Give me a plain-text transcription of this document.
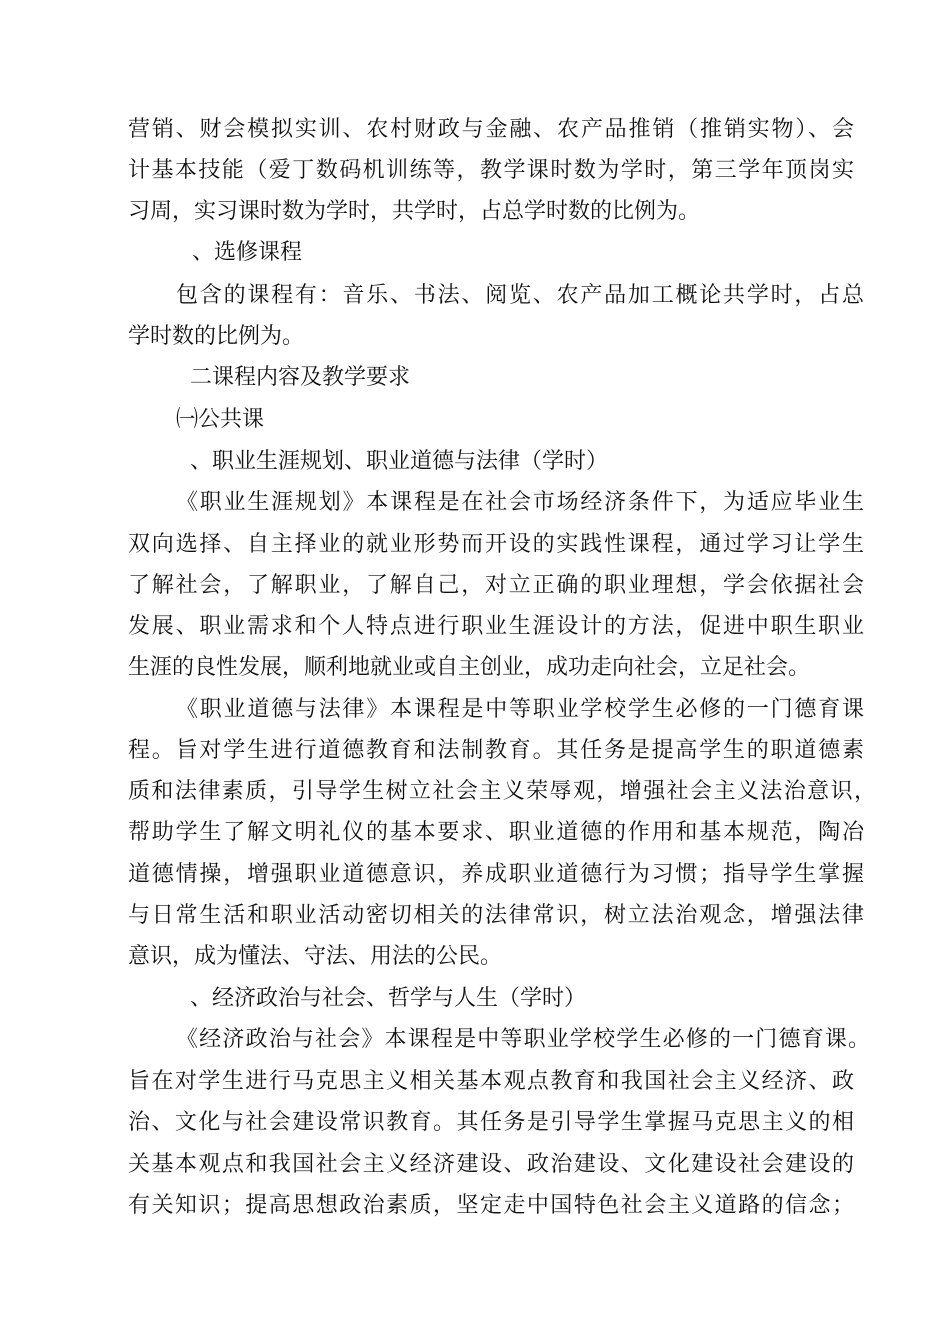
营销、财会模拟实训、农村财政与金融、农产品推销（推销实物）、会
计基本技能（爱丁数码机训练等，教学课时数为学时，第三学年顶岗实
习周，实习课时数为学时，共学时，占总学时数的比例为。
、选修课程
包含的课程有：音乐、书法、阅览、农产品加工概论共学时，占总
学时数的比例为。
二课程内容及教学要求
㈠公共课
、职业生涯规划、职业道德与法律（学时）
《职业生涯规划》本课程是在社会市场经济条件下，为适应毕业生
双向选择、自主择业的就业形势而开设的实践性课程，通过学习让学生
了解社会，了解职业，了解自己，对立正确的职业理想，学会依据社会
发展、职业需求和个人特点进行职业生涯设计的方法，促进中职生职业
生涯的良性发展，顺利地就业或自主创业，成功走向社会，立足社会。
《职业道德与法律》本课程是中等职业学校学生必修的一门德育课
程。旨对学生进行道德教育和法制教育。其任务是提高学生的职道德素
质和法律素质，引导学生树立社会主义荣辱观，增强社会主义法治意识，
帮助学生了解文明礼仪的基本要求、职业道德的作用和基本规范，陶冶
道德情操，增强职业道德意识，养成职业道德行为习惯；指导学生掌握
与日常生活和职业活动密切相关的法律常识，树立法治观念，增强法律
意识，成为懂法、守法、用法的公民。
、经济政治与社会、哲学与人生（学时）
《经济政治与社会》本课程是中等职业学校学生必修的一门德育课。
旨在对学生进行马克思主义相关基本观点教育和我国社会主义经济、政
治、文化与社会建设常识教育。其任务是引导学生掌握马克思主义的相
关基本观点和我国社会主义经济建设、政治建设、文化建设社会建设的
有关知识；提高思想政治素质，坚定走中国特色社会主义道路的信念；
